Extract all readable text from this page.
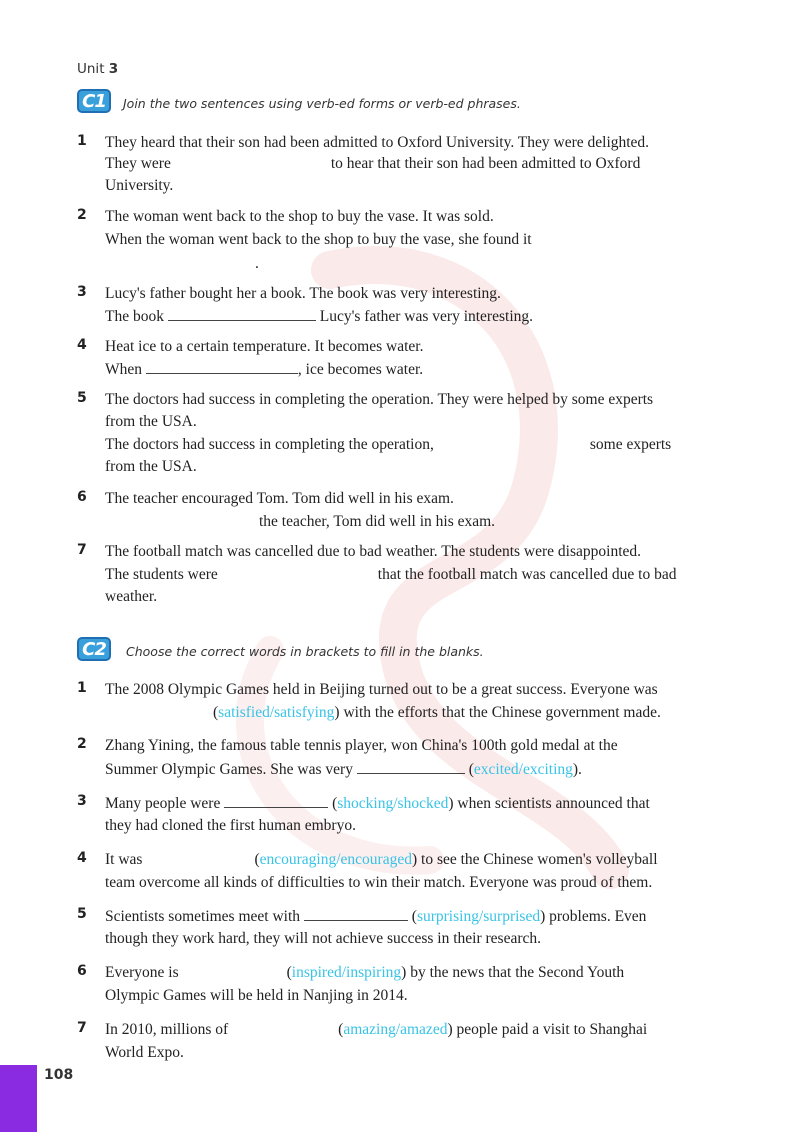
Unit 3
C1	Join the two sentences using verb-ed forms or verb-ed phrases.
1 They heard that their son had been admitted to Oxford University. They were delighted.
They were	to hear that their son had been admitted to Oxford
University.
2 The woman went back to the shop to buy the vase. It was sold.
When the woman went back to the shop to buy the vase, she found it
.
3 Lucy's father bought her a book. The book was very interesting.
The book	Lucy's father was very interesting.
4 Heat ice to a certain temperature. It becomes water.
When	, ice becomes water.
5 The doctors had success in completing the operation. They were helped by some experts
from the USA.
The doctors had success in completing the operation,	some experts
from the USA.
6 The teacher encouraged Tom. Tom did well in his exam.
the teacher, Tom did well in his exam.
7 The football match was cancelled due to bad weather. The students were disappointed.
The students were	that the football match was cancelled due to bad
weather.
C2	Choose the correct words in brackets to fill in the blanks.
1 The 2008 Olympic Games held in Beijing turned out to be a great success. Everyone was
(satisfied/satisfying) with the efforts that the Chinese government made.
2 Zhang Yining, the famous table tennis player, won China's 100th gold medal at the
Summer Olympic Games. She was very	(excited/exciting).
3 Many people were	(shocking/shocked) when scientists announced that
they had cloned the first human embryo.
4 It was	(encouraging/encouraged) to see the Chinese women's volleyball
team overcome all kinds of difficulties to win their match. Everyone was proud of them.
5 Scientists sometimes meet with	(surprising/surprised) problems. Even
though they work hard, they will not achieve success in their research.
6 Everyone is	(inspired/inspiring) by the news that the Second Youth
Olympic Games will be held in Nanjing in 2014.
7 In 2010, millions of	(amazing/amazed) people paid a visit to Shanghai
World Expo.
108
